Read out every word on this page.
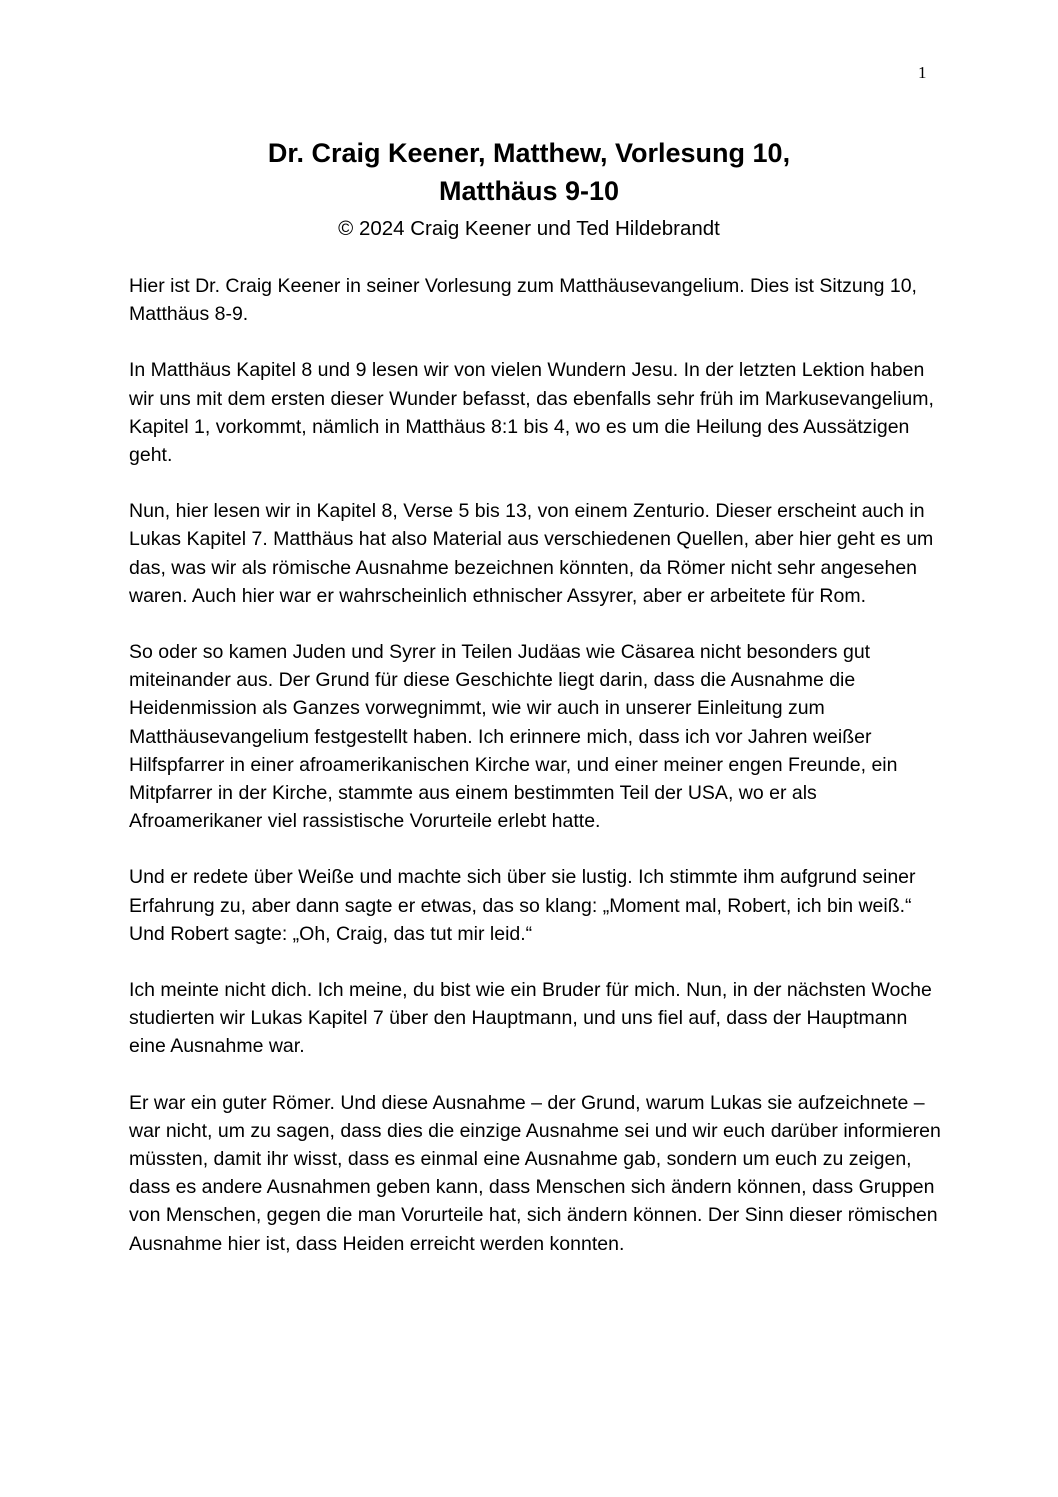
1
Dr. Craig Keener, Matthew, Vorlesung 10,
Matthäus 9-10
© 2024 Craig Keener und Ted Hildebrandt

Hier ist Dr. Craig Keener in seiner Vorlesung zum Matthäusevangelium. Dies ist Sitzung 10, Matthäus 8-9.

In Matthäus Kapitel 8 und 9 lesen wir von vielen Wundern Jesu. In der letzten Lektion haben wir uns mit dem ersten dieser Wunder befasst, das ebenfalls sehr früh im Markusevangelium, Kapitel 1, vorkommt, nämlich in Matthäus 8:1 bis 4, wo es um die Heilung des Aussätzigen geht.

Nun, hier lesen wir in Kapitel 8, Verse 5 bis 13, von einem Zenturio. Dieser erscheint auch in Lukas Kapitel 7. Matthäus hat also Material aus verschiedenen Quellen, aber hier geht es um das, was wir als römische Ausnahme bezeichnen könnten, da Römer nicht sehr angesehen waren. Auch hier war er wahrscheinlich ethnischer Assyrer, aber er arbeitete für Rom.

So oder so kamen Juden und Syrer in Teilen Judäas wie Cäsarea nicht besonders gut miteinander aus. Der Grund für diese Geschichte liegt darin, dass die Ausnahme die Heidenmission als Ganzes vorwegnimmt, wie wir auch in unserer Einleitung zum Matthäusevangelium festgestellt haben. Ich erinnere mich, dass ich vor Jahren weißer Hilfspfarrer in einer afroamerikanischen Kirche war, und einer meiner engen Freunde, ein Mitpfarrer in der Kirche, stammte aus einem bestimmten Teil der USA, wo er als Afroamerikaner viel rassistische Vorurteile erlebt hatte.

Und er redete über Weiße und machte sich über sie lustig. Ich stimmte ihm aufgrund seiner Erfahrung zu, aber dann sagte er etwas, das so klang: „Moment mal, Robert, ich bin weiß.“ Und Robert sagte: „Oh, Craig, das tut mir leid.“

Ich meinte nicht dich. Ich meine, du bist wie ein Bruder für mich. Nun, in der nächsten Woche studierten wir Lukas Kapitel 7 über den Hauptmann, und uns fiel auf, dass der Hauptmann eine Ausnahme war.

Er war ein guter Römer. Und diese Ausnahme – der Grund, warum Lukas sie aufzeichnete – war nicht, um zu sagen, dass dies die einzige Ausnahme sei und wir euch darüber informieren müssten, damit ihr wisst, dass es einmal eine Ausnahme gab, sondern um euch zu zeigen, dass es andere Ausnahmen geben kann, dass Menschen sich ändern können, dass Gruppen von Menschen, gegen die man Vorurteile hat, sich ändern können. Der Sinn dieser römischen Ausnahme hier ist, dass Heiden erreicht werden konnten.
